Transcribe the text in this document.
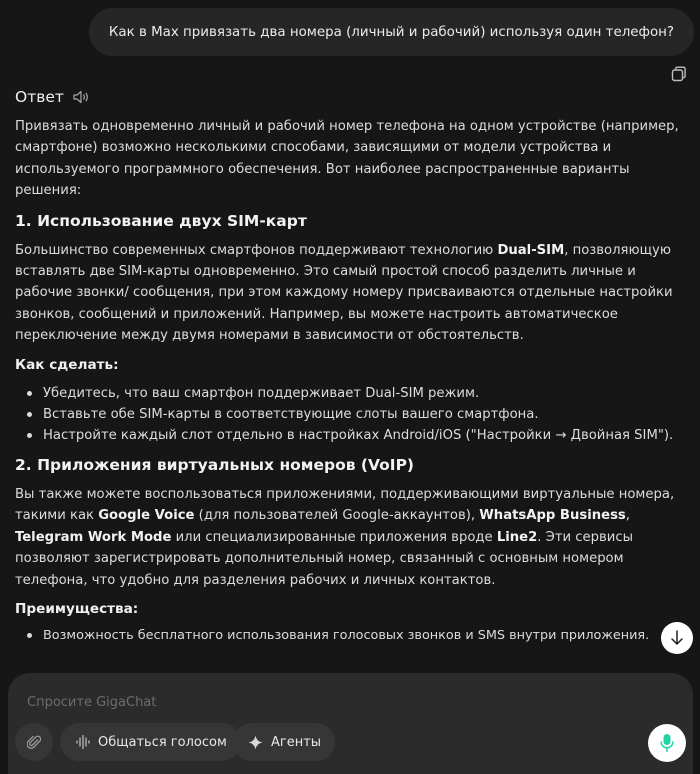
Как в Max привязать два номера (личный и рабочий) используя один телефон?
Ответ

Привязать одновременно личный и рабочий номер телефона на одном устройстве (например, смартфоне) возможно несколькими способами, зависящими от модели устройства и используемого программного обеспечения. Вот наиболее распространенные варианты решения:

1. Использование двух SIM-карт

Большинство современных смартфонов поддерживают технологию Dual-SIM, позволяющую вставлять две SIM-карты одновременно. Это самый простой способ разделить личные и рабочие звонки/ сообщения, при этом каждому номеру присваиваются отдельные настройки звонков, сообщений и приложений. Например, вы можете настроить автоматическое переключение между двумя номерами в зависимости от обстоятельств.

Как сделать:
Убедитесь, что ваш смартфон поддерживает Dual-SIM режим.
Вставьте обе SIM-карты в соответствующие слоты вашего смартфона.
Настройте каждый слот отдельно в настройках Android/iOS ("Настройки → Двойная SIM").
2. Приложения виртуальных номеров (VoIP)

Вы также можете воспользоваться приложениями, поддерживающими виртуальные номера, такими как Google Voice (для пользователей Google-аккаунтов), WhatsApp Business, Telegram Work Mode или специализированные приложения вроде Line2. Эти сервисы позволяют зарегистрировать дополнительный номер, связанный с основным номером телефона, что удобно для разделения рабочих и личных контактов.

Преимущества:
Возможность бесплатного использования голосовых звонков и SMS внутри приложения.
Спросите GigaChat
Общаться голосом	Агенты
